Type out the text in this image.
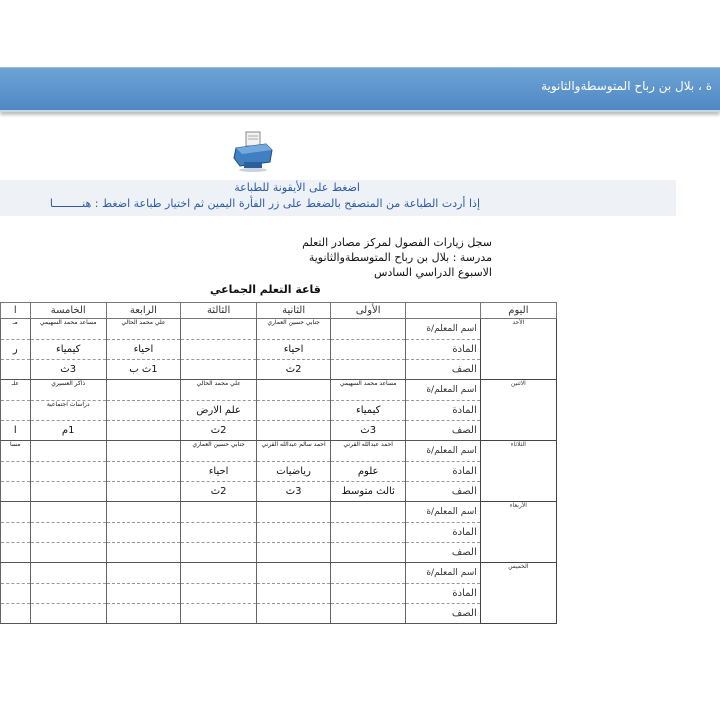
ة ، بلال بن رباح المتوسطةوالثانوية
اضغط على الأيقونة للطباعة
إذا أردت الطباعة من المتصفح بالضغط على زر الفأرة اليمين ثم اختيار طباعة اضغط : هنـــــــــا
سجل زيارات الفصول لمركز مصادر التعلم
مدرسة : بلال بن رباح المتوسطةوالثانوية
الاسبوع الدراسي السادس
قاعة التعلم الجماعي
اليوم		الأولى	الثانية	الثالثة	الرابعة	الخامسة	ا
الأحد	اسم المعلم/ة		جنابي حسين العماري		علي محمد الحالي	مساعد محمد السهيمي	مـ
	المادة		احياء		احياء	كيمياء	ر
	الصف		2ث		1ث ب	3ث	
الاثنين	اسم المعلم/ة	مساعد محمد السهيمي		علي محمد الحالي		ذاكر العسيري	علـ
	المادة	كيمياء		علم الارض		دراسات اجتماعية	

	الصف	3ث		2ث		1م	ا
الثلاثاء	اسم المعلم/ة	احمد عبدالله القرني	احمد سالم عبدالله القرني	جنابي حسين العماري			مسا
	المادة	علوم	رياضيات	احياء			
	الصف	ثالث متوسط	3ث	2ث			
الأربعاء	اسم المعلم/ة						
	المادة						
	الصف						
الخميس	اسم المعلم/ة						
	المادة						
	الصف						
